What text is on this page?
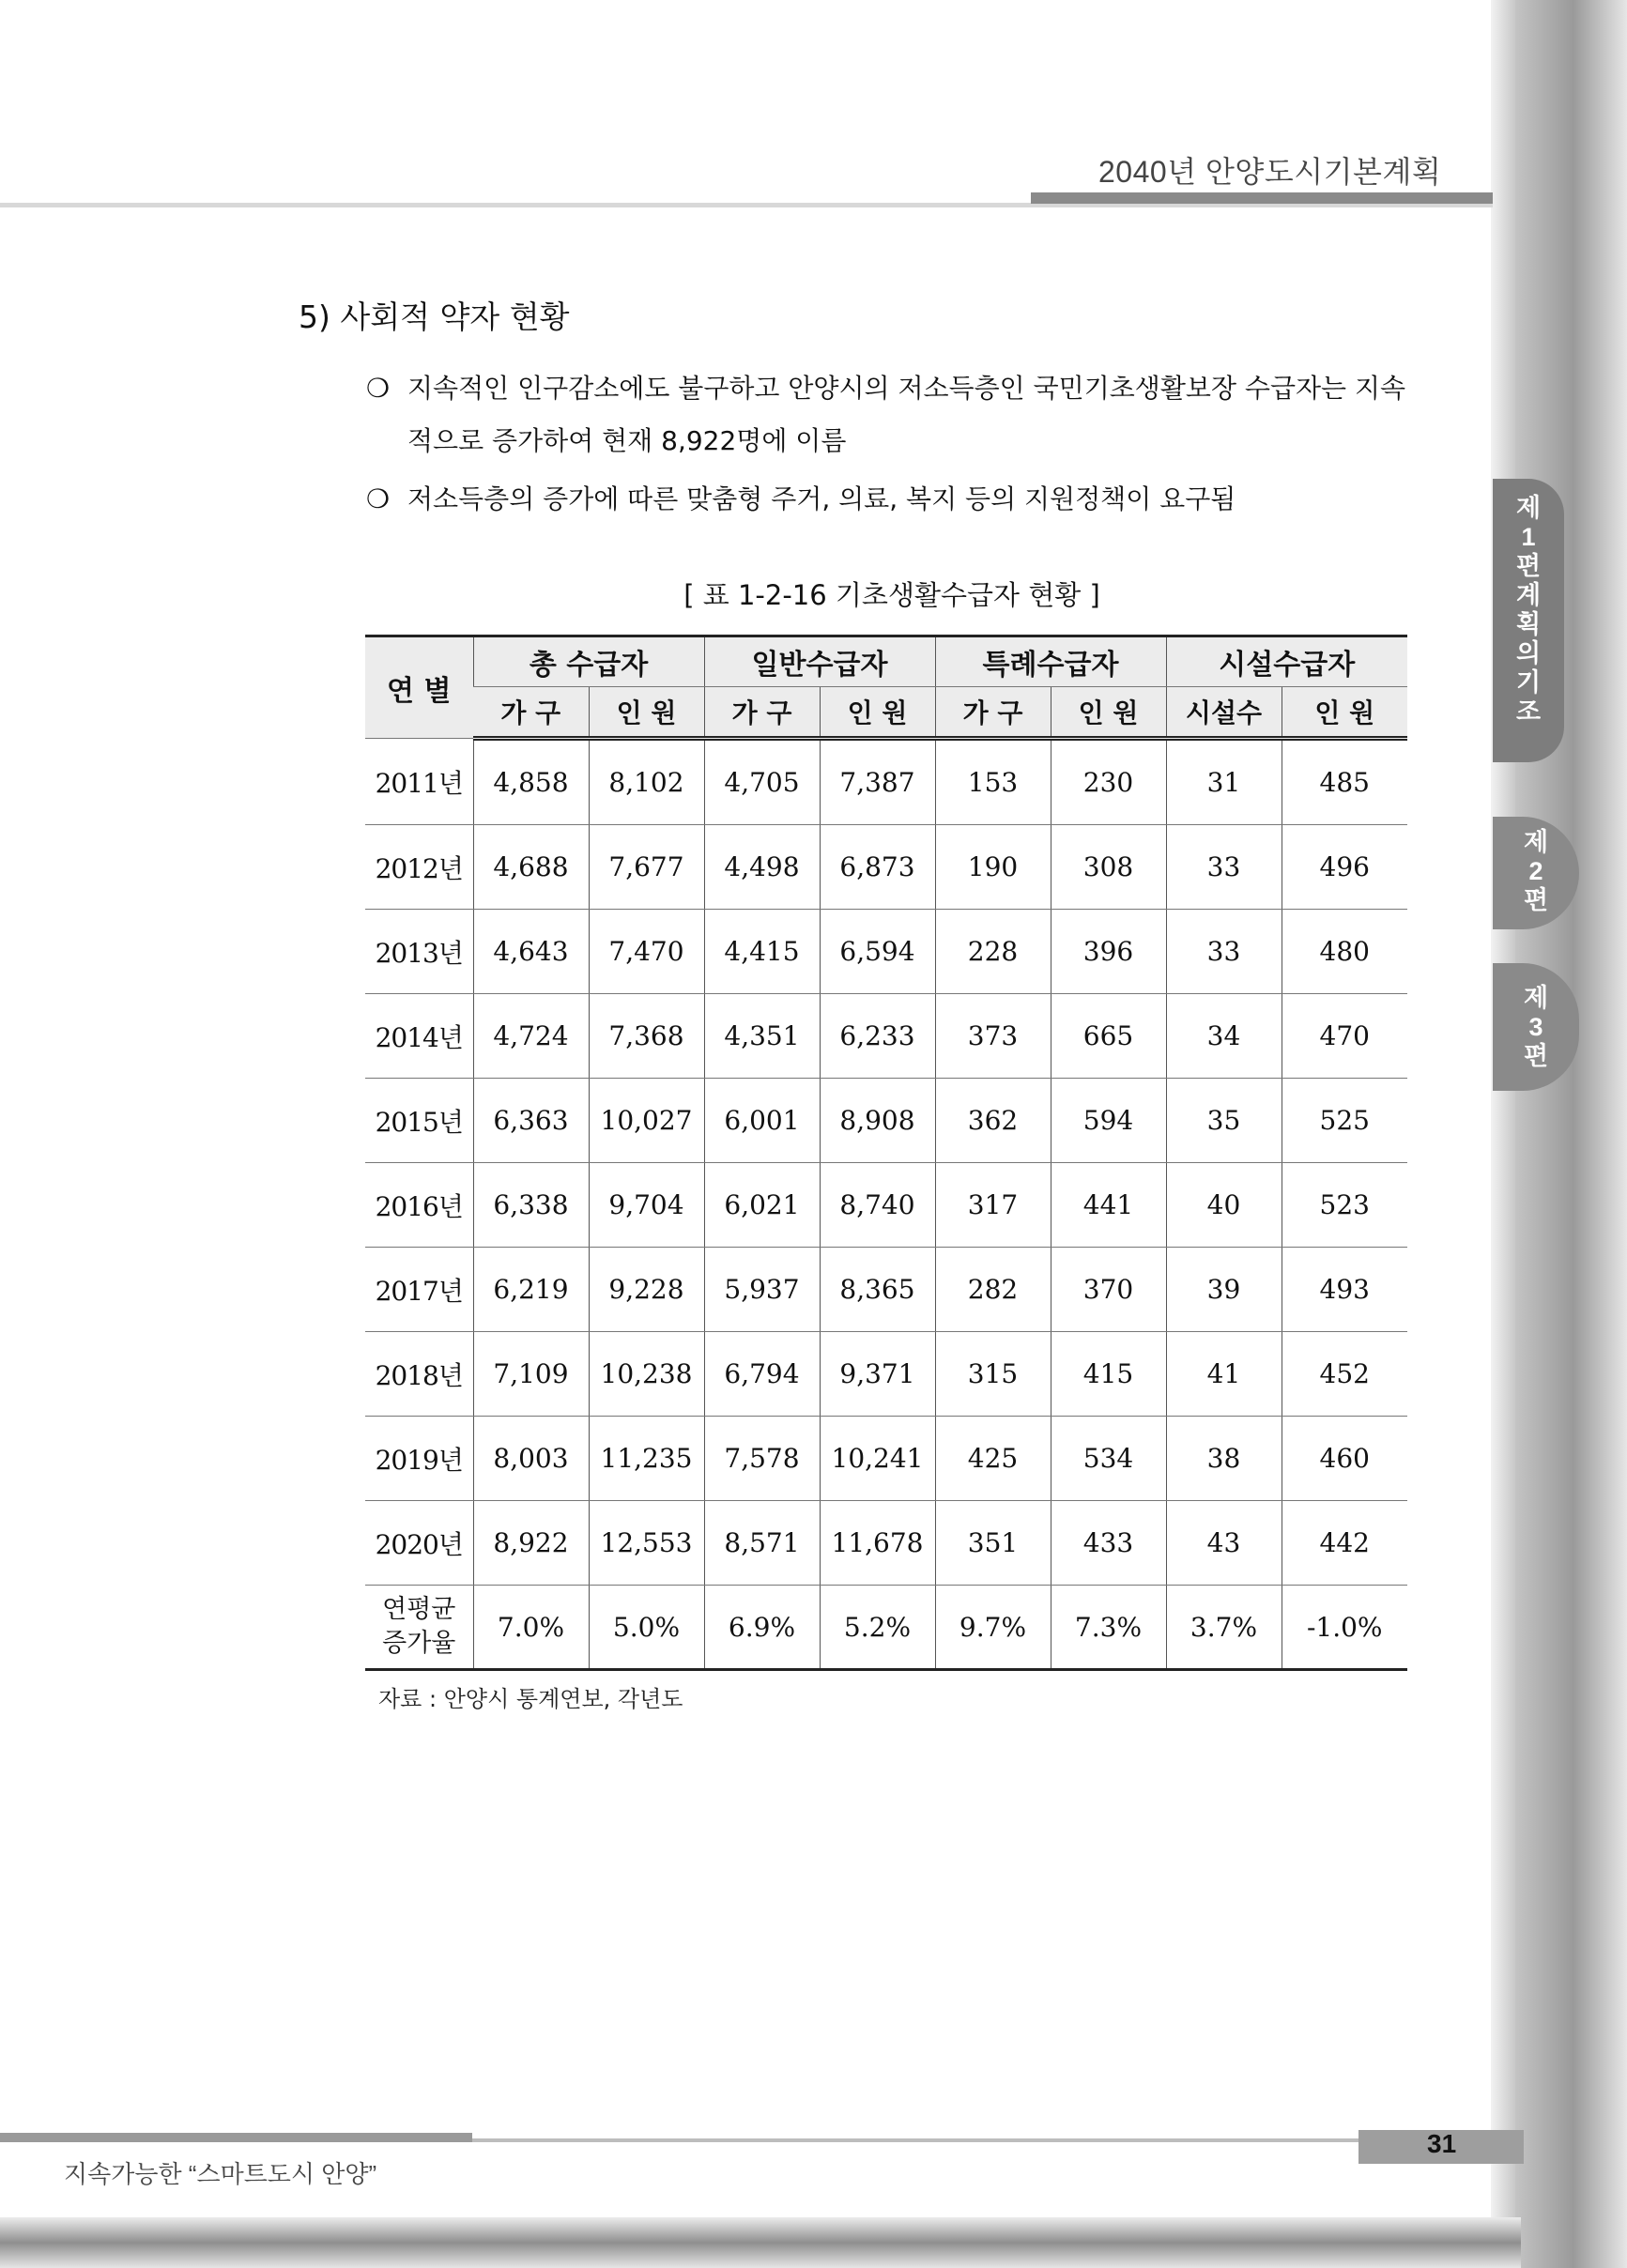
2040년 안양도시기본계획
5) 사회적 약자 현황
❍ 지속적인 인구감소에도 불구하고 안양시의 저소득층인 국민기초생활보장 수급자는 지속적으로 증가하여 현재 8,922명에 이름
❍ 저소득층의 증가에 따른 맞춤형 주거, 의료, 복지 등의 지원정책이 요구됨
[ 표 1-2-16 기초생활수급자 현황 ]
연 별	총 수급자		일반수급자		특례수급자		시설수급자	
	가 구	인 원	가 구	인 원	가 구	인 원	시설수	인 원
2011년	4,858	8,102	4,705	7,387	153	230	31	485
2012년	4,688	7,677	4,498	6,873	190	308	33	496
2013년	4,643	7,470	4,415	6,594	228	396	33	480
2014년	4,724	7,368	4,351	6,233	373	665	34	470
2015년	6,363	10,027	6,001	8,908	362	594	35	525
2016년	6,338	9,704	6,021	8,740	317	441	40	523
2017년	6,219	9,228	5,937	8,365	282	370	39	493
2018년	7,109	10,238	6,794	9,371	315	415	41	452
2019년	8,003	11,235	7,578	10,241	425	534	38	460
2020년	8,922	12,553	8,571	11,678	351	433	43	442

연평균
증가율	7.0%	5.0%	6.9%	5.2%	9.7%	7.3%	3.7%	-1.0%
자료 : 안양시 통계연보, 각년도
제
1
편
계
획
의
기
조
제
2
편
제
3
편
31
지속가능한 “스마트도시 안양”
